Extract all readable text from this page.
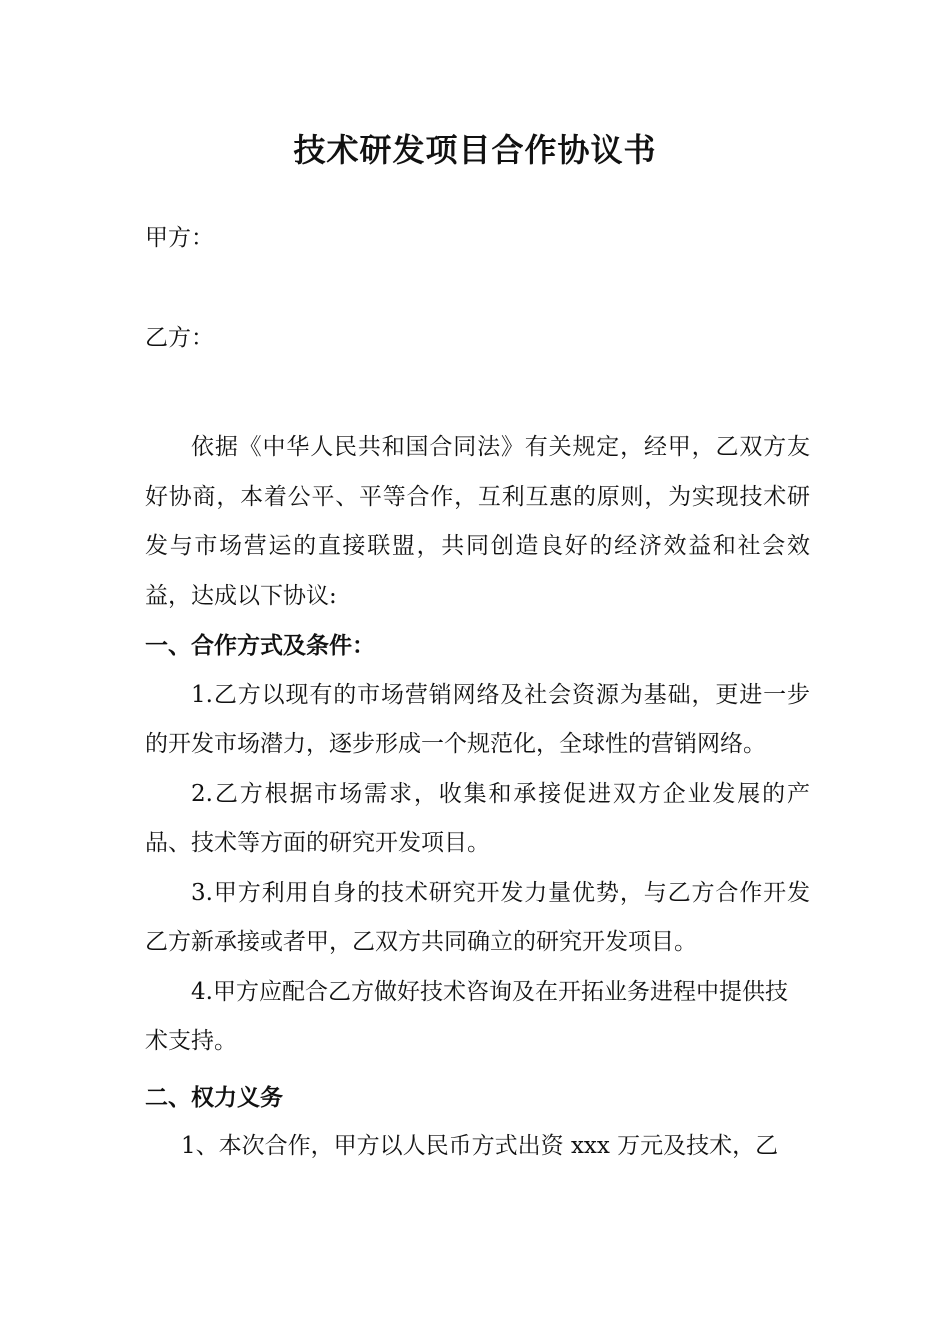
技术研发项目合作协议书
甲方：
乙方：

依据《中华人民共和国合同法》有关规定，经甲，乙双方友好协商，本着公平、平等合作，互利互惠的原则，为实现技术研发与市场营运的直接联盟，共同创造良好的经济效益和社会效益，达成以下协议:

一、合作方式及条件：

1.乙方以现有的市场营销网络及社会资源为基础，更进一步的开发市场潜力，逐步形成一个规范化，全球性的营销网络。

2.乙方根据市场需求，收集和承接促进双方企业发展的产品、技术等方面的研究开发项目。

3.甲方利用自身的技术研究开发力量优势，与乙方合作开发乙方新承接或者甲，乙双方共同确立的研究开发项目。

4.甲方应配合乙方做好技术咨询及在开拓业务进程中提供技术支持。

二、权力义务

1、本次合作，甲方以人民币方式出资 xxx 万元及技术，乙
